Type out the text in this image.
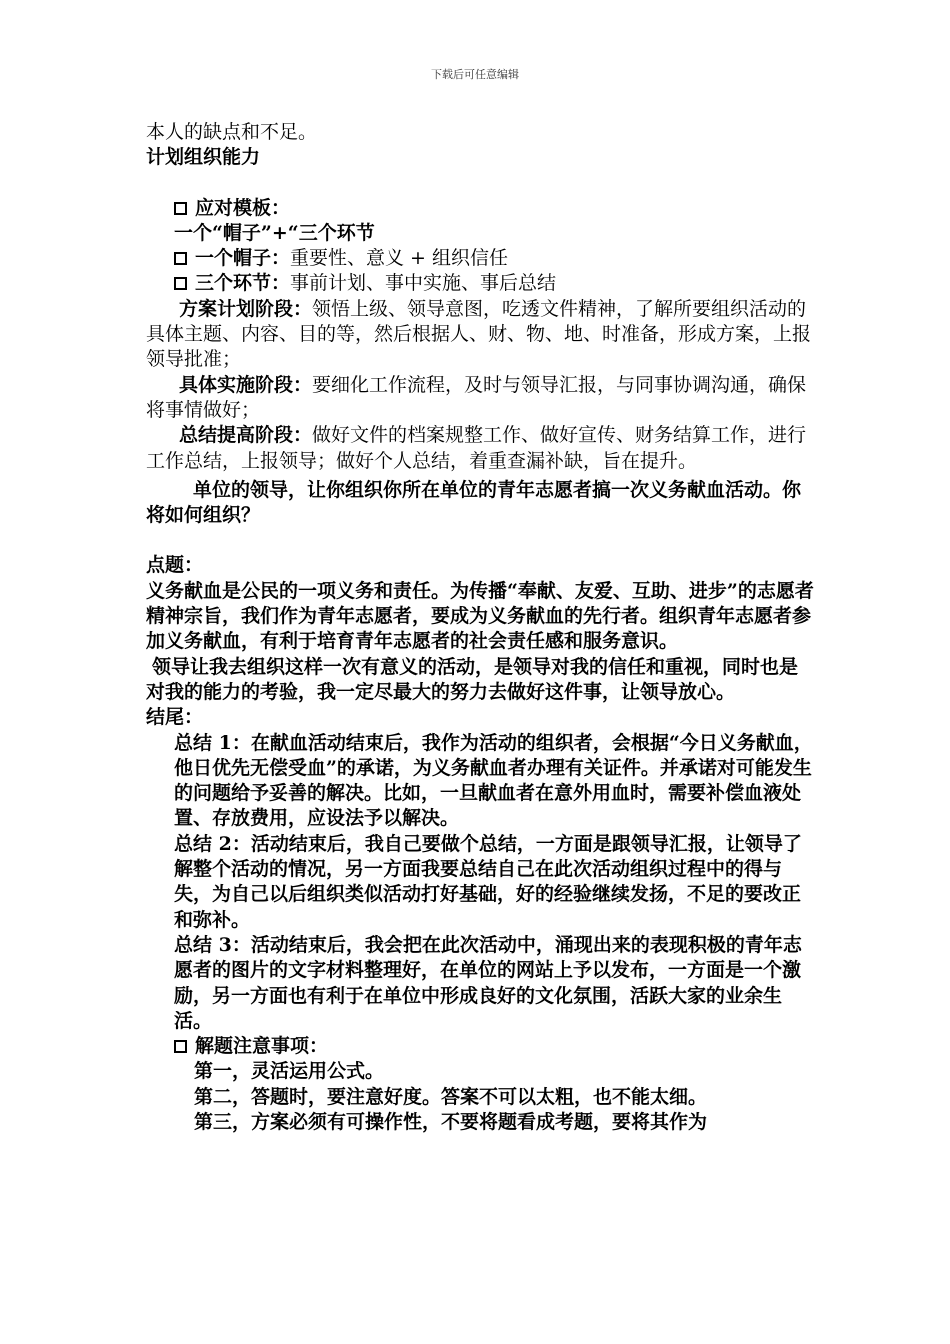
下载后可任意编辑

本人的缺点和不足。

计划组织能力

应对模板：

一个“帽子”+“三个环节

一个帽子：重要性、意义 + 组织信任

三个环节：事前计划、事中实施、事后总结

方案计划阶段：领悟上级、领导意图，吃透文件精神，了解所要组织活动的具体主题、内容、目的等，然后根据人、财、物、地、时准备，形成方案，上报领导批准；

具体实施阶段：要细化工作流程，及时与领导汇报，与同事协调沟通，确保将事情做好；

总结提高阶段：做好文件的档案规整工作、做好宣传、财务结算工作，进行工作总结，上报领导；做好个人总结，着重查漏补缺，旨在提升。

单位的领导，让你组织你所在单位的青年志愿者搞一次义务献血活动。你将如何组织？

点题：

义务献血是公民的一项义务和责任。为传播“奉献、友爱、互助、进步”的志愿者精神宗旨，我们作为青年志愿者，要成为义务献血的先行者。组织青年志愿者参加义务献血，有利于培育青年志愿者的社会责任感和服务意识。

领导让我去组织这样一次有意义的活动，是领导对我的信任和重视，同时也是对我的能力的考验，我一定尽最大的努力去做好这件事，让领导放心。

结尾：

总结 1：在献血活动结束后，我作为活动的组织者，会根据“今日义务献血，他日优先无偿受血”的承诺，为义务献血者办理有关证件。并承诺对可能发生的问题给予妥善的解决。比如，一旦献血者在意外用血时，需要补偿血液处置、存放费用，应设法予以解决。

总结 2：活动结束后，我自己要做个总结，一方面是跟领导汇报，让领导了解整个活动的情况，另一方面我要总结自己在此次活动组织过程中的得与失，为自己以后组织类似活动打好基础，好的经验继续发扬，不足的要改正和弥补。

总结 3：活动结束后，我会把在此次活动中，涌现出来的表现积极的青年志愿者的图片的文字材料整理好，在单位的网站上予以发布，一方面是一个激励，另一方面也有利于在单位中形成良好的文化氛围，活跃大家的业余生活。

解题注意事项：

第一，灵活运用公式。

第二，答题时，要注意好度。答案不可以太粗，也不能太细。

第三，方案必须有可操作性，不要将题看成考题，要将其作为
